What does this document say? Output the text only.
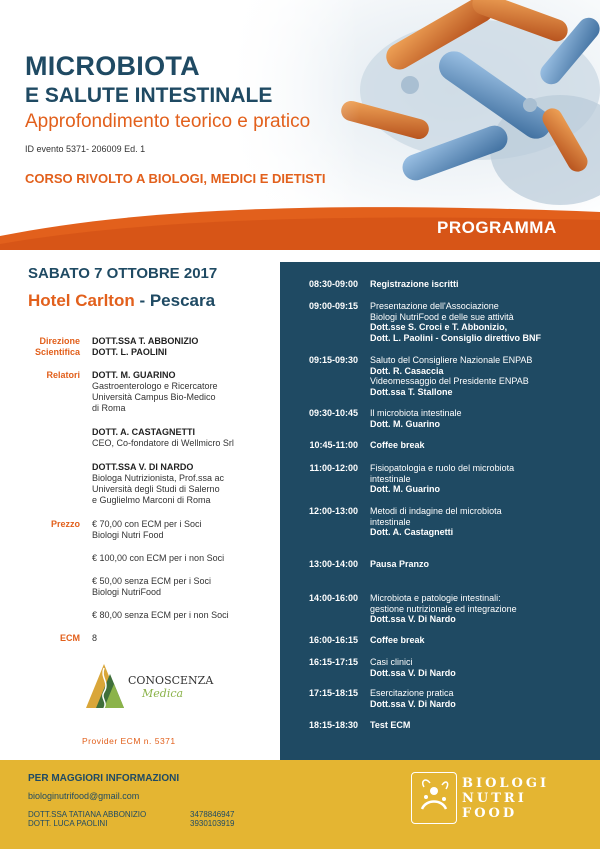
MICROBIOTA
E SALUTE INTESTINALE
Approfondimento teorico e pratico
ID evento 5371- 206009 Ed. 1
CORSO RIVOLTO A BIOLOGI, MEDICI E DIETISTI
PROGRAMMA
SABATO 7 OTTOBRE 2017
Hotel Carlton - Pescara
Direzione
Scientifica
DOTT.SSA T. ABBONIZIO
DOTT. L. PAOLINI
Relatori DOTT. M. GUARINO
Gastroenterologo e Ricercatore
Università Campus Bio-Medico
di Roma
DOTT. A. CASTAGNETTI
CEO, Co-fondatore di Wellmicro Srl
DOTT.SSA V. DI NARDO
Biologa Nutrizionista, Prof.ssa ac
Università degli Studi di Salerno
e Guglielmo Marconi di Roma
Prezzo € 70,00 con ECM per i Soci
Biologi Nutri Food
€ 100,00 con ECM per i non Soci
€ 50,00 senza ECM per i Soci
Biologi NutriFood
€ 80,00 senza ECM per i non Soci
ECM 8
CONOSCENZA
Medica
Provider ECM n. 5371
08:30-09:00 Registrazione iscritti
09:00-09:15 Presentazione dell'Associazione
Biologi NutriFood e delle sue attività
Dott.sse S. Croci e T. Abbonizio,
Dott. L. Paolini - Consiglio direttivo BNF
09:15-09:30 Saluto del Consigliere Nazionale ENPAB
Dott. R. Casaccia
Videomessaggio del Presidente ENPAB
Dott.ssa T. Stallone
09:30-10:45 Il microbiota intestinale
Dott. M. Guarino
10:45-11:00 Coffee break
11:00-12:00 Fisiopatologia e ruolo del microbiota
intestinale
Dott. M. Guarino
12:00-13:00 Metodi di indagine del microbiota
intestinale
Dott. A. Castagnetti
13:00-14:00 Pausa Pranzo
14:00-16:00 Microbiota e patologie intestinali:
gestione nutrizionale ed integrazione
Dott.ssa V. Di Nardo
16:00-16:15 Coffee break
16:15-17:15 Casi clinici
Dott.ssa V. Di Nardo
17:15-18:15 Esercitazione pratica
Dott.ssa V. Di Nardo
18:15-18:30 Test ECM
PER MAGGIORI INFORMAZIONI
biologinutrifood@gmail.com
DOTT.SSA TATIANA ABBONIZIO	3478846947
DOTT. LUCA PAOLINI	3930103919
BIOLOGI
NUTRI
FOOD
